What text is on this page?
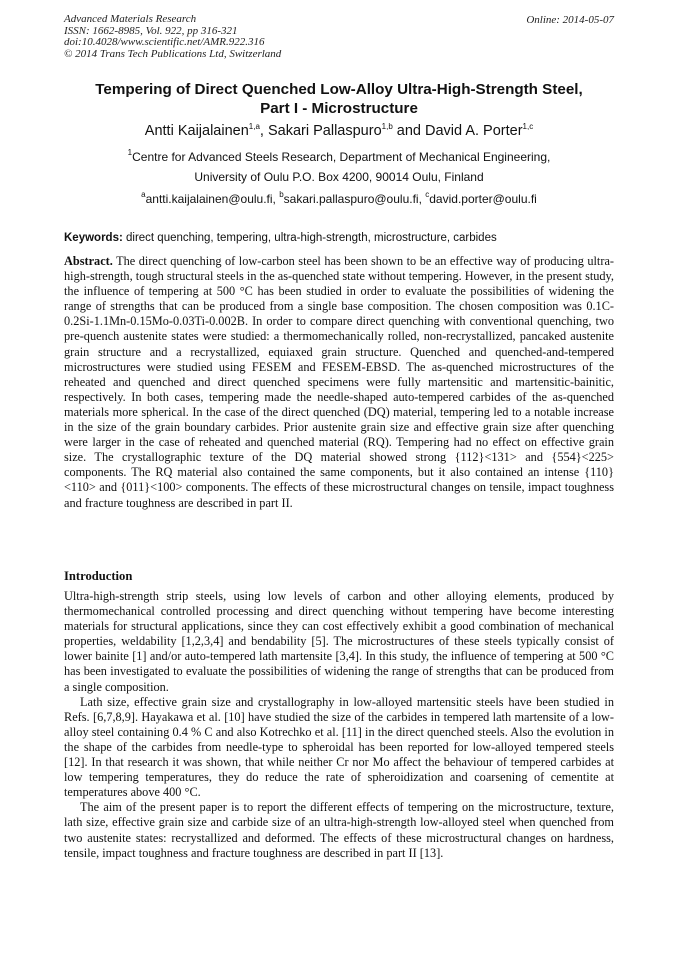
Advanced Materials Research
ISSN: 1662-8985, Vol. 922, pp 316-321
doi:10.4028/www.scientific.net/AMR.922.316
© 2014 Trans Tech Publications Ltd, Switzerland
Online: 2014-05-07
Tempering of Direct Quenched Low-Alloy Ultra-High-Strength Steel,
Part I - Microstructure
Antti Kaijalainen$^{1,a}$, Sakari Pallaspuro$^{1,b}$ and David A. Porter$^{1,c}$
$^1$Centre for Advanced Steels Research, Department of Mechanical Engineering,
University of Oulu P.O. Box 4200, 90014 Oulu, Finland
$^a$antti.kaijalainen@oulu.fi, $^b$sakari.pallaspuro@oulu.fi, $^c$david.porter@oulu.fi
Keywords: direct quenching, tempering, ultra-high-strength, microstructure, carbides
Abstract. The direct quenching of low-carbon steel has been shown to be an effective way of producing ultra-high-strength, tough structural steels in the as-quenched state without tempering. However, in the present study, the influence of tempering at 500 °C has been studied in order to evaluate the possibilities of widening the range of strengths that can be produced from a single base composition. The chosen composition was 0.1C-0.2Si-1.1Mn-0.15Mo-0.03Ti-0.002B. In order to compare direct quenching with conventional quenching, two pre-quench austenite states were studied: a thermomechanically rolled, non-recrystallized, pancaked austenite grain structure and a recrystallized, equiaxed grain structure. Quenched and quenched-and-tempered microstructures were studied using FESEM and FESEM-EBSD. The as-quenched microstructures of the reheated and quenched and direct quenched specimens were fully martensitic and martensitic-bainitic, respectively. In both cases, tempering made the needle-shaped auto-tempered carbides of the as-quenched materials more spherical. In the case of the direct quenched (DQ) material, tempering led to a notable increase in the size of the grain boundary carbides. Prior austenite grain size and effective grain size after quenching were larger in the case of reheated and quenched material (RQ). Tempering had no effect on effective grain size. The crystallographic texture of the DQ material showed strong {112}<131> and {554}<225> components. The RQ material also contained the same components, but it also contained an intense {110}<110> and {011}<100> components. The effects of these microstructural changes on tensile, impact toughness and fracture toughness are described in part II.
Introduction
Ultra-high-strength strip steels, using low levels of carbon and other alloying elements, produced by thermomechanical controlled processing and direct quenching without tempering have become interesting materials for structural applications, since they can cost effectively exhibit a good combination of mechanical properties, weldability [1,2,3,4] and bendability [5]. The microstructures of these steels typically consist of lower bainite [1] and/or auto-tempered lath martensite [3,4]. In this study, the influence of tempering at 500 °C has been investigated to evaluate the possibilities of widening the range of strengths that can be produced from a single composition.
Lath size, effective grain size and crystallography in low-alloyed martensitic steels have been studied in Refs. [6,7,8,9]. Hayakawa et al. [10] have studied the size of the carbides in tempered lath martensite of a low-alloy steel containing 0.4 % C and also Kotrechko et al. [11] in the direct quenched steels. Also the evolution in the shape of the carbides from needle-type to spheroidal has been reported for low-alloyed tempered steels [12]. In that research it was shown, that while neither Cr nor Mo affect the behaviour of tempered carbides at low tempering temperatures, they do reduce the rate of spheroidization and coarsening of cementite at temperatures above 400 °C.
The aim of the present paper is to report the different effects of tempering on the microstructure, texture, lath size, effective grain size and carbide size of an ultra-high-strength low-alloyed steel when quenched from two austenite states: recrystallized and deformed. The effects of these microstructural changes on hardness, tensile, impact toughness and fracture toughness are described in part II [13].
